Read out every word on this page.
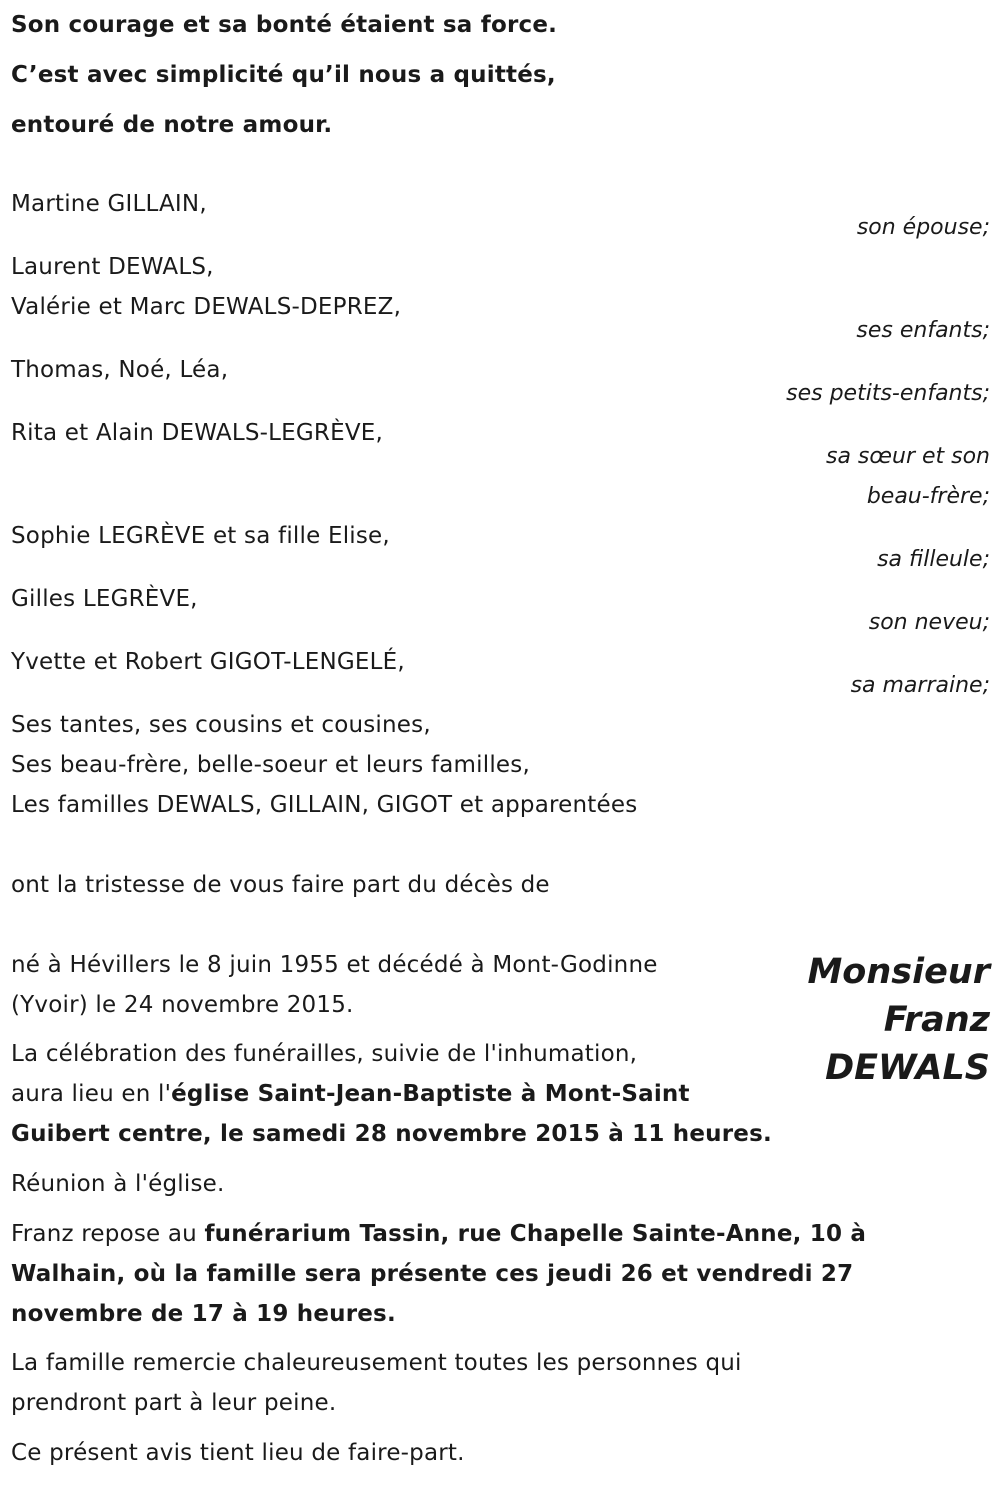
Son courage et sa bonté étaient sa force.
C’est avec simplicité qu’il nous a quittés,
entouré de notre amour.
Martine GILLAIN,
son épouse;
Laurent DEWALS,
Valérie et Marc DEWALS-DEPREZ,
ses enfants;
Thomas, Noé, Léa,
ses petits-enfants;
Rita et Alain DEWALS-LEGRÈVE,
sa sœur et son
beau-frère;
Sophie LEGRÈVE et sa fille Elise,
sa filleule;
Gilles LEGRÈVE,
son neveu;
Yvette et Robert GIGOT-LENGELÉ,
sa marraine;
Ses tantes, ses cousins et cousines,
Ses beau-frère, belle-soeur et leurs familles,
Les familles DEWALS, GILLAIN, GIGOT et apparentées
ont la tristesse de vous faire part du décès de
Monsieur
Franz
DEWALS
né à Hévillers le 8 juin 1955 et décédé à Mont-Godinne
(Yvoir) le 24 novembre 2015.
La célébration des funérailles, suivie de l'inhumation,
aura lieu en l'église Saint-Jean-Baptiste à Mont-Saint
Guibert centre, le samedi 28 novembre 2015 à 11 heures.
Réunion à l'église.
Franz repose au funérarium Tassin, rue Chapelle Sainte-Anne, 10 à
Walhain, où la famille sera présente ces jeudi 26 et vendredi 27
novembre de 17 à 19 heures.
La famille remercie chaleureusement toutes les personnes qui
prendront part à leur peine.
Ce présent avis tient lieu de faire-part.
